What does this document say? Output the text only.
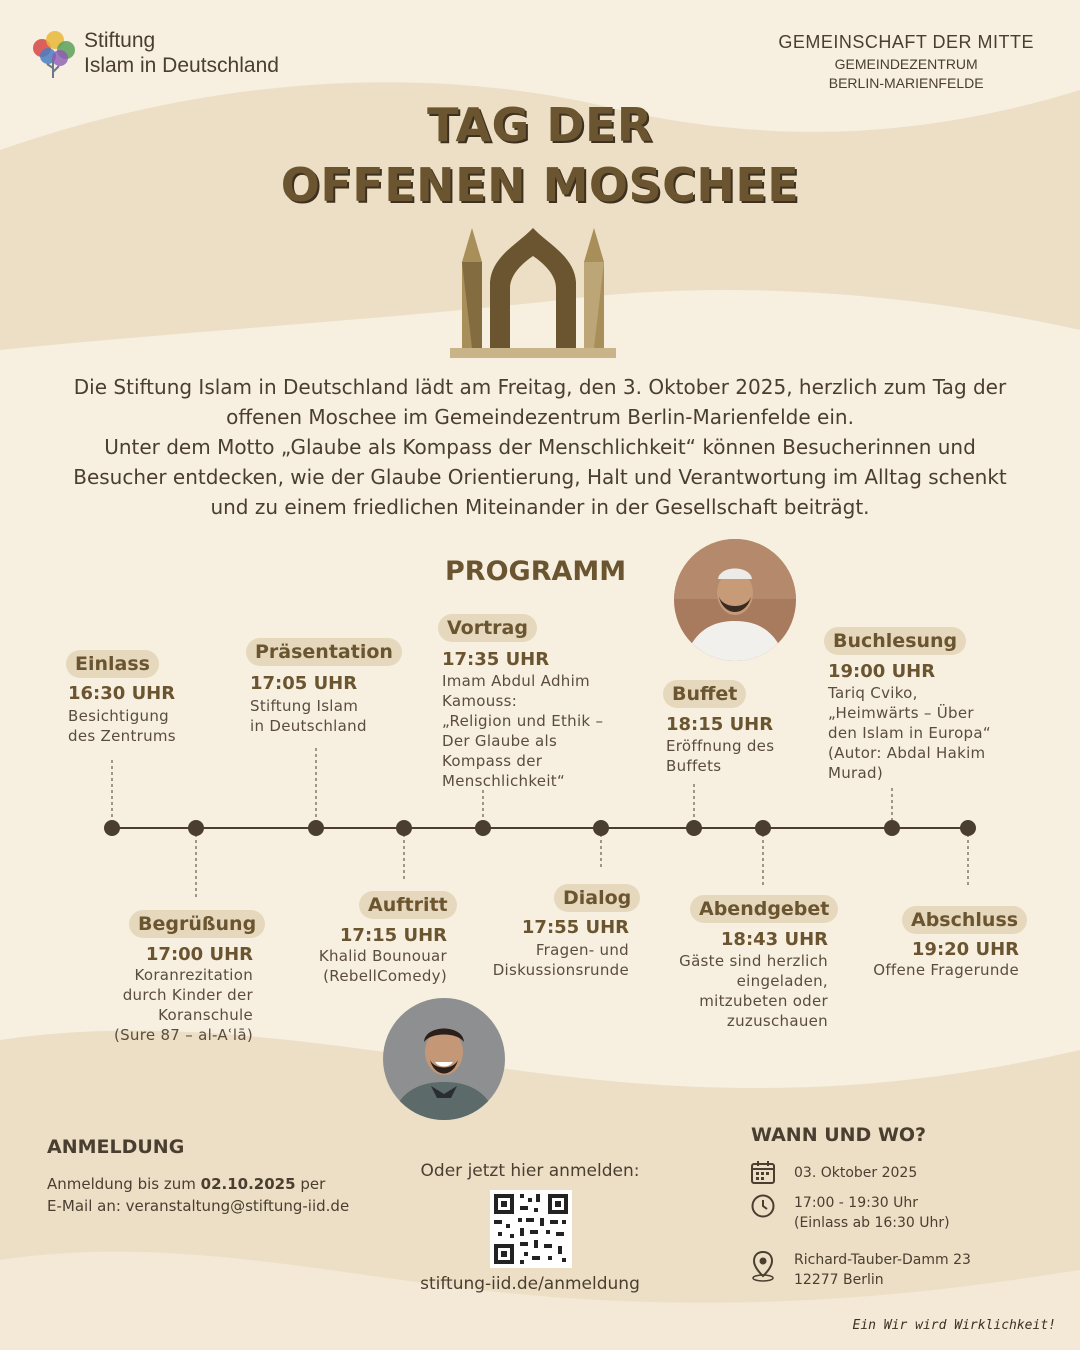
Stiftung
Islam in Deutschland
GEMEINSCHAFT DER MITTE
GEMEINDEZENTRUM
BERLIN-MARIENFELDE
TAG DER
OFFENEN MOSCHEE
Die Stiftung Islam in Deutschland lädt am Freitag, den 3. Oktober 2025, herzlich zum Tag der
offenen Moschee im Gemeindezentrum Berlin-Marienfelde ein.
Unter dem Motto „Glaube als Kompass der Menschlichkeit“ können Besucherinnen und
Besucher entdecken, wie der Glaube Orientierung, Halt und Verantwortung im Alltag schenkt
und zu einem friedlichen Miteinander in der Gesellschaft beiträgt.
PROGRAMM
Einlass
16:30 UHR
Besichtigung
des Zentrums
Präsentation
17:05 UHR
Stiftung Islam
in Deutschland
Vortrag
17:35 UHR
Imam Abdul Adhim
Kamouss:
„Religion und Ethik –
Der Glaube als
Kompass der
Menschlichkeit“
Buffet
18:15 UHR
Eröffnung des
Buffets
Buchlesung
19:00 UHR
Tariq Cviko,
„Heimwärts – Über
den Islam in Europa“
(Autor: Abdal Hakim
Murad)
Begrüßung
17:00 UHR
Koranrezitation
durch Kinder der
Koranschule
(Sure 87 – al-Aʿlā)
Auftritt
17:15 UHR
Khalid Bounouar
(RebellComedy)
Dialog
17:55 UHR
Fragen- und
Diskussionsrunde
Abendgebet
18:43 UHR
Gäste sind herzlich
eingeladen,
mitzubeten oder
zuzuschauen
Abschluss
19:20 UHR
Offene Fragerunde
ANMELDUNG
Anmeldung bis zum 02.10.2025 per
E-Mail an: veranstaltung@stiftung-iid.de
Oder jetzt hier anmelden:
stiftung-iid.de/anmeldung
WANN UND WO?
03. Oktober 2025
17:00 - 19:30 Uhr
(Einlass ab 16:30 Uhr)
Richard-Tauber-Damm 23
12277 Berlin
Ein Wir wird Wirklichkeit!
